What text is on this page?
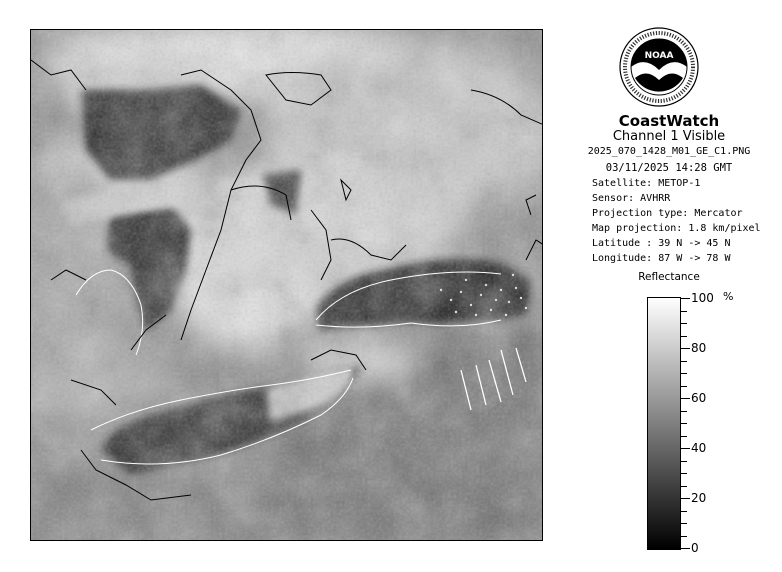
NOAA
CoastWatch
Channel 1 Visible
2025_070_1428_M01_GE_C1.PNG
03/11/2025 14:28 GMT
Satellite: METOP-1
Sensor: AVHRR
Projection type: Mercator
Map projection: 1.8 km/pixel
Latitude : 39 N -> 45 N
Longitude: 87 W -> 78 W
Reflectance
%
100
80
60
40
20
0
